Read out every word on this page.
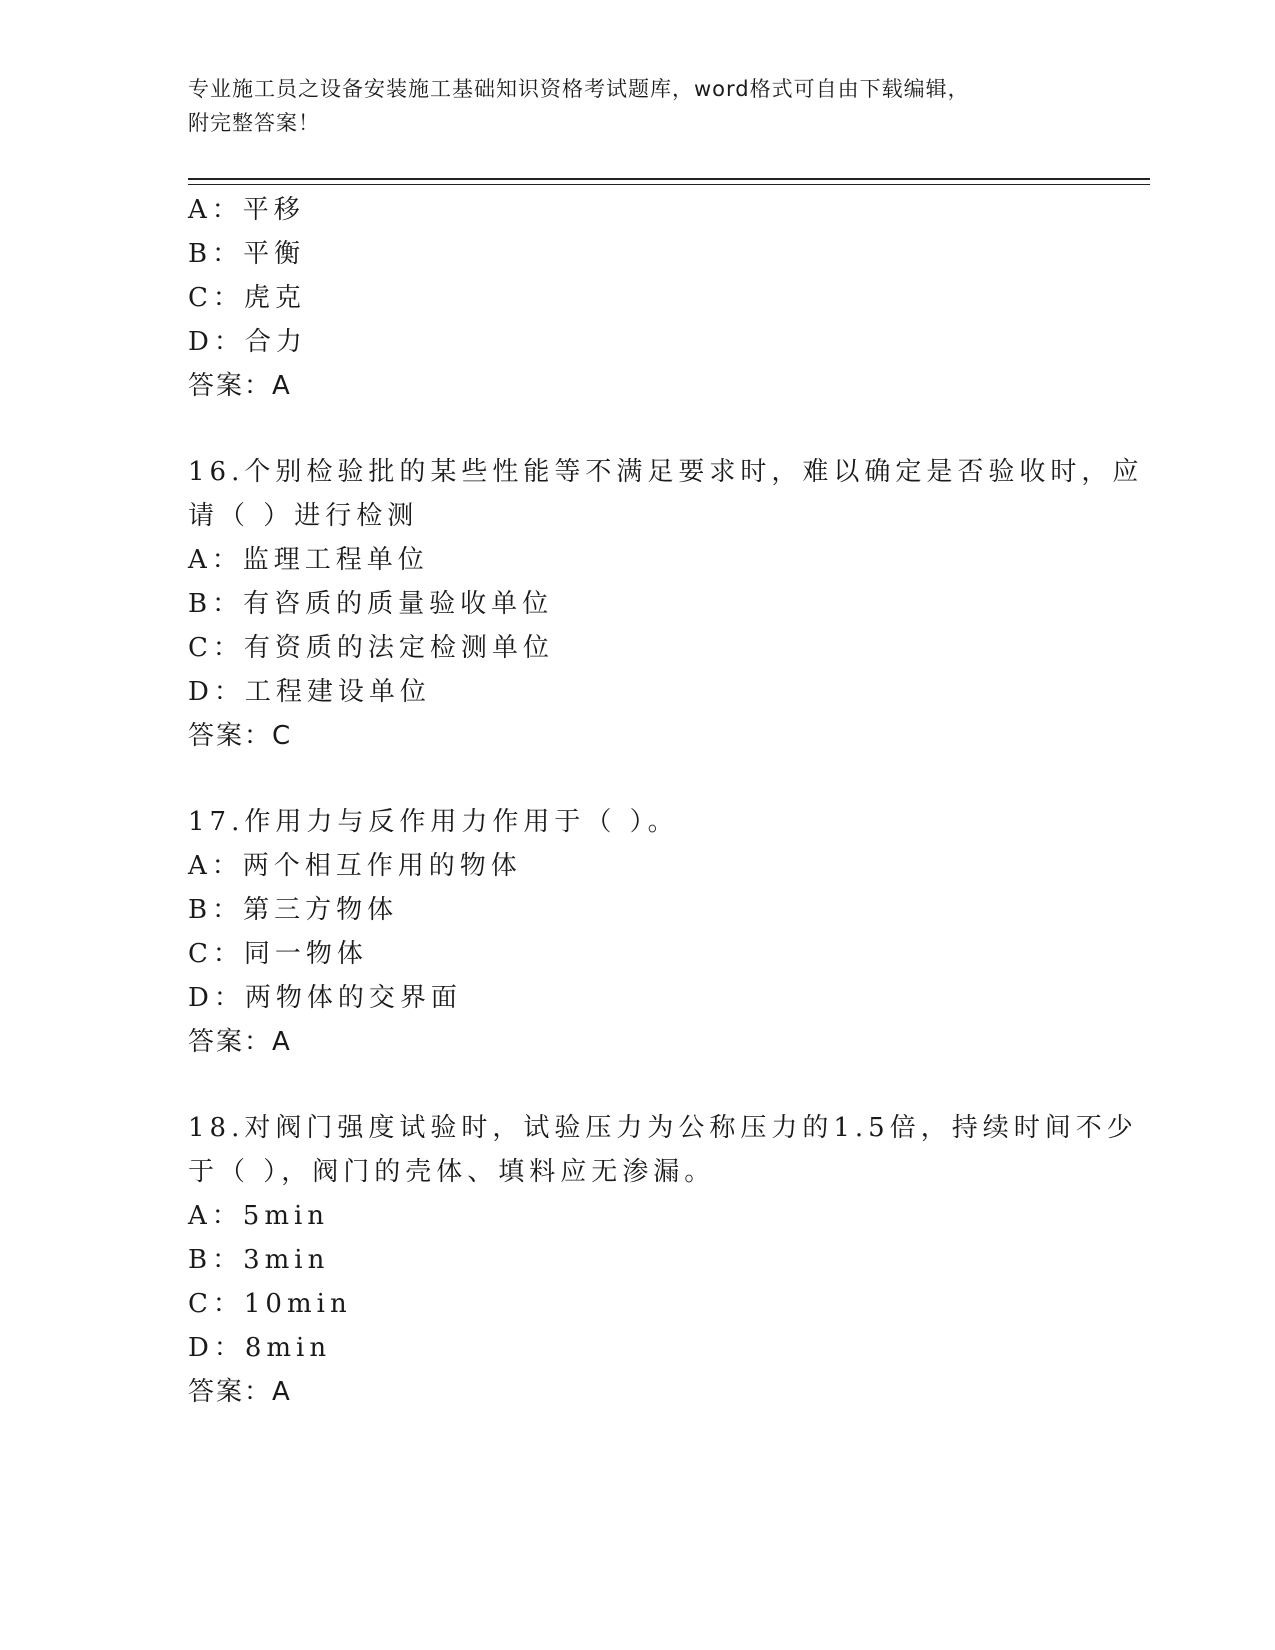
专业施工员之设备安装施工基础知识资格考试题库，word格式可自由下载编辑，
附完整答案！
A：平移
B：平衡
C：虎克
D：合力
答案：A
16.个别检验批的某些性能等不满足要求时，难以确定是否验收时，应
请（ ）进行检测
A：监理工程单位
B：有咨质的质量验收单位
C：有资质的法定检测单位
D：工程建设单位
答案：C
17.作用力与反作用力作用于（ ）。
A：两个相互作用的物体
B：第三方物体
C：同一物体
D：两物体的交界面
答案：A
18.对阀门强度试验时，试验压力为公称压力的1.5倍，持续时间不少
于（ ），阀门的壳体、填料应无渗漏。
A：5min
B：3min
C：10min
D：8min
答案：A
